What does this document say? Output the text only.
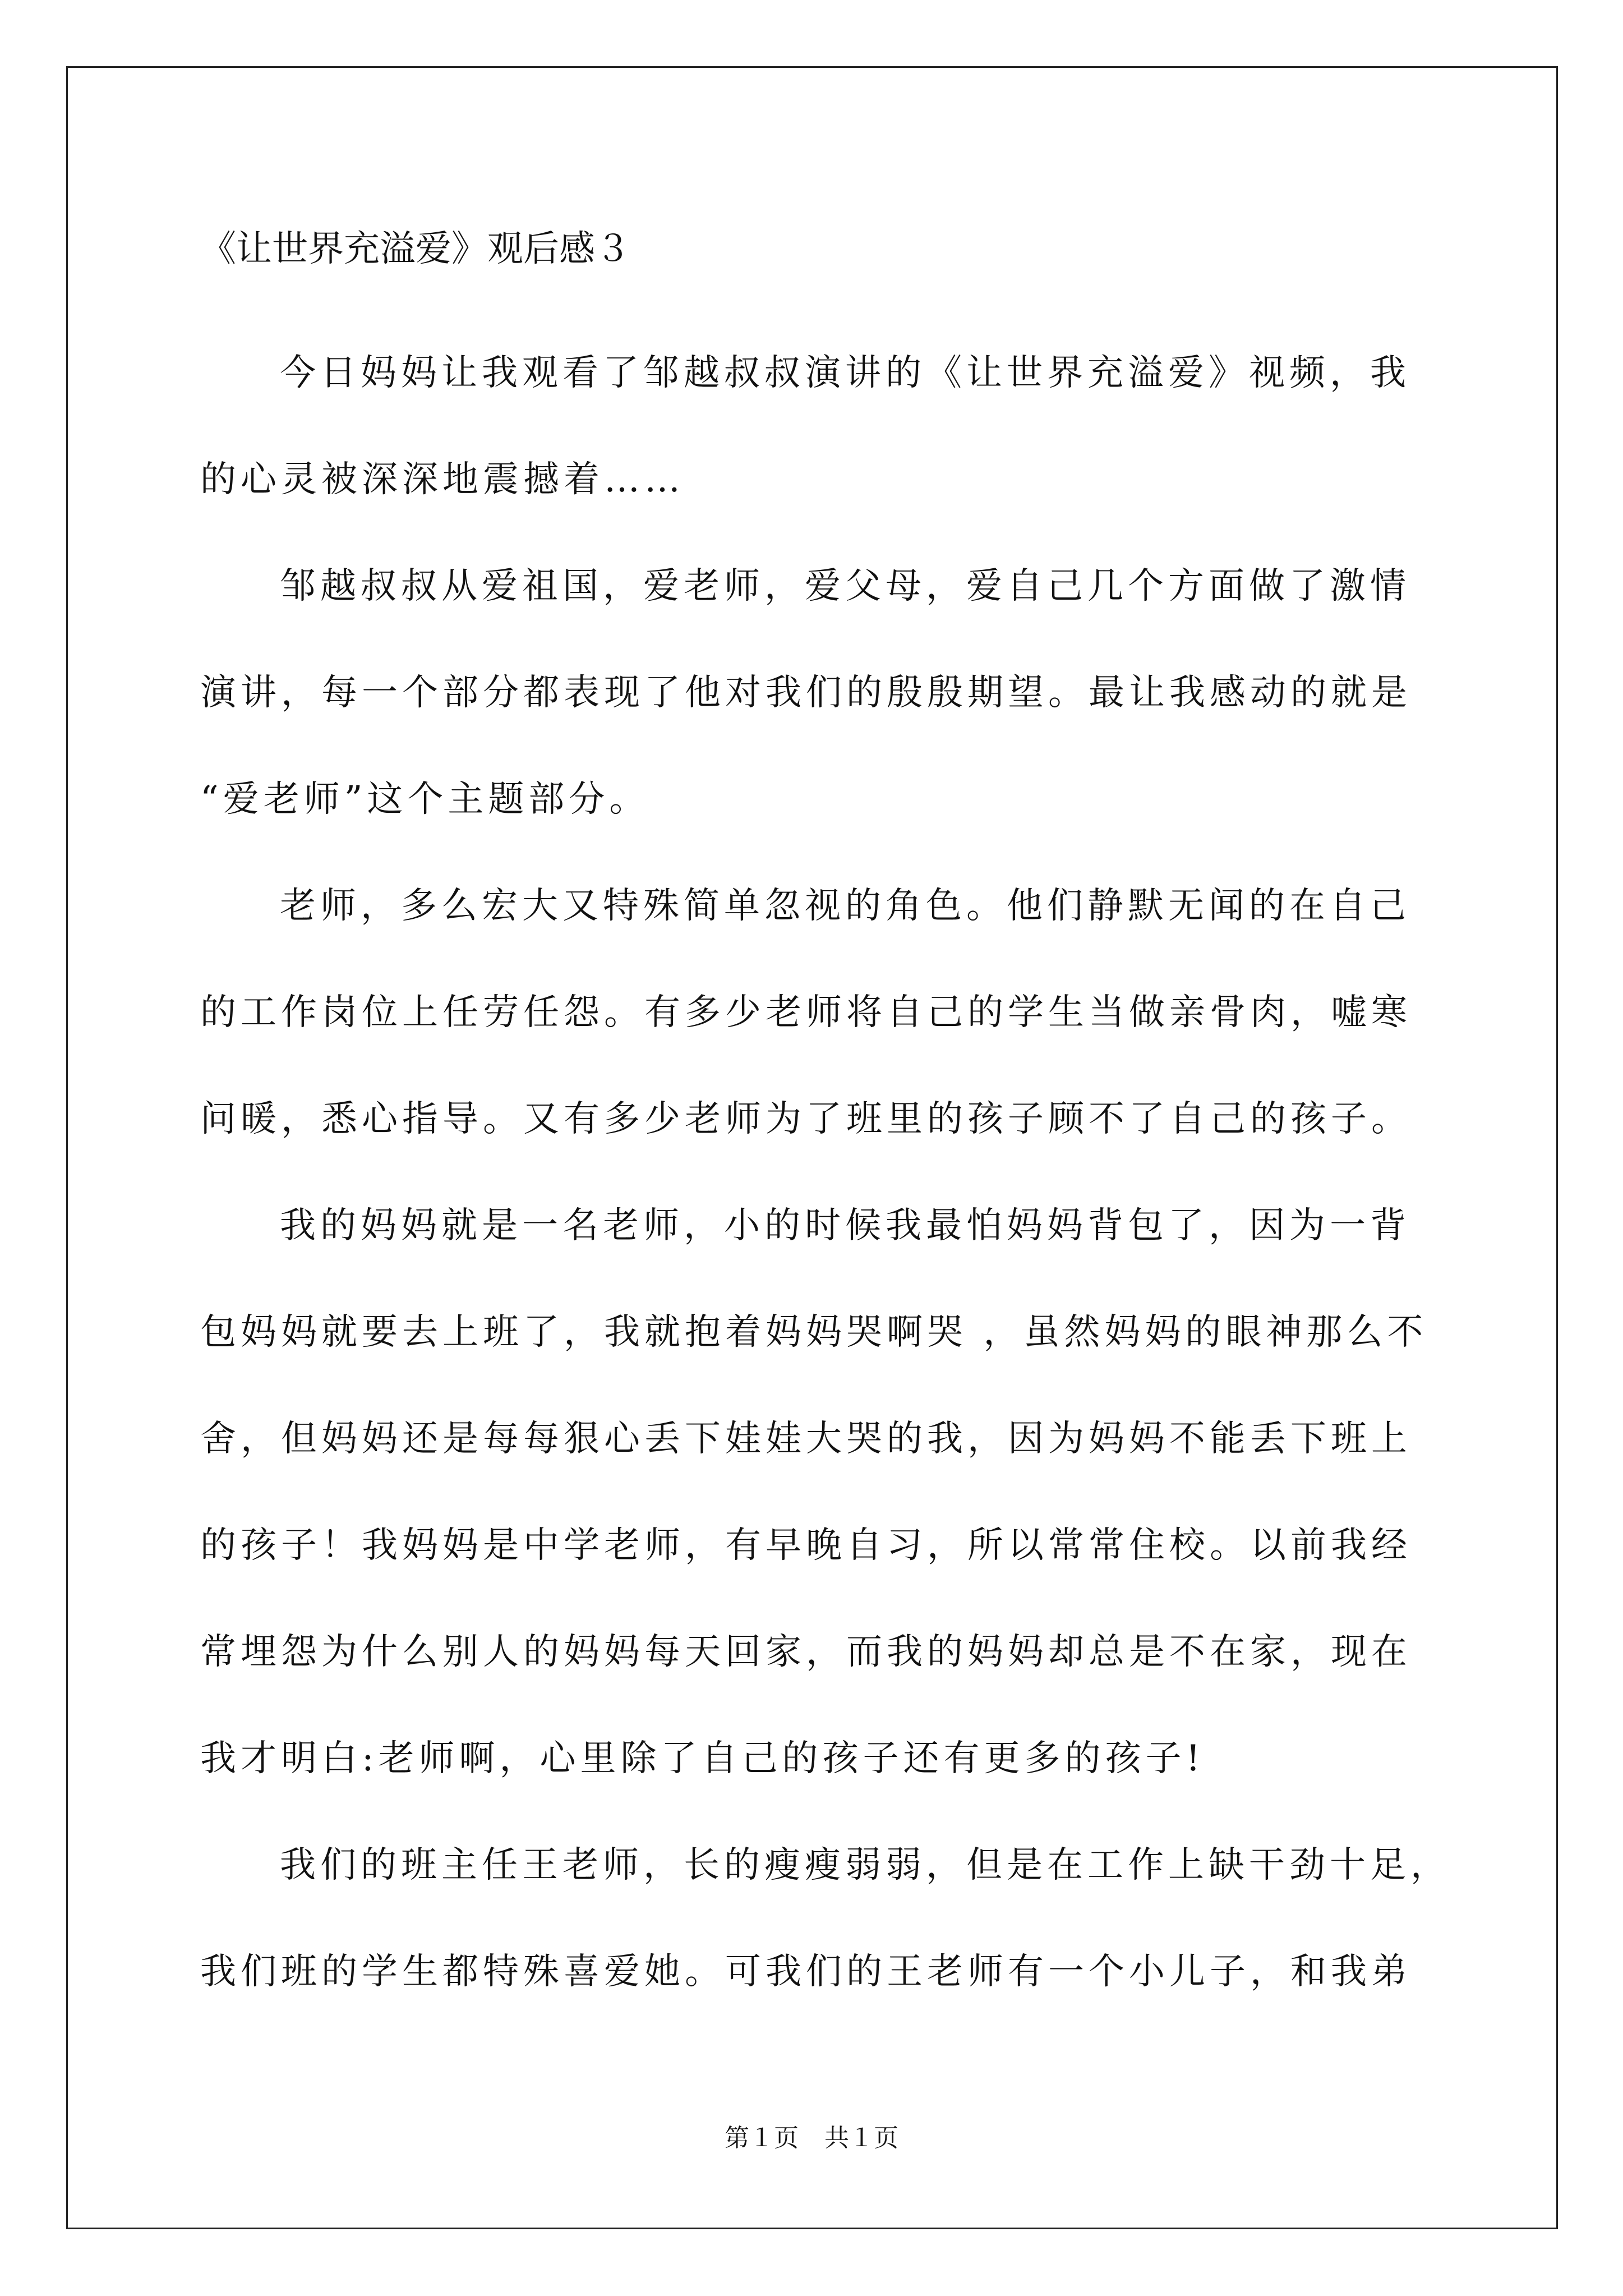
《让世界充溢爱》观后感３
今日妈妈让我观看了邹越叔叔演讲的《让世界充溢爱》视频，我
的心灵被深深地震撼着……
邹越叔叔从爱祖国，爱老师，爱父母，爱自己几个方面做了激情
演讲，每一个部分都表现了他对我们的殷殷期望。最让我感动的就是
“爱老师”这个主题部分。
老师，多么宏大又特殊简单忽视的角色。他们静默无闻的在自己
的工作岗位上任劳任怨。有多少老师将自己的学生当做亲骨肉，嘘寒
问暖，悉心指导。又有多少老师为了班里的孩子顾不了自己的孩子。
我的妈妈就是一名老师，小的时候我最怕妈妈背包了，因为一背
包妈妈就要去上班了，我就抱着妈妈哭啊哭 ，虽然妈妈的眼神那么不
舍，但妈妈还是每每狠心丢下娃娃大哭的我，因为妈妈不能丢下班上
的孩子！我妈妈是中学老师，有早晚自习，所以常常住校。以前我经
常埋怨为什么别人的妈妈每天回家，而我的妈妈却总是不在家，现在
我才明白:老师啊，心里除了自己的孩子还有更多的孩子!
我们的班主任王老师，长的瘦瘦弱弱，但是在工作上缺干劲十足，
我们班的学生都特殊喜爱她。可我们的王老师有一个小儿子，和我弟
第１页 共１页
